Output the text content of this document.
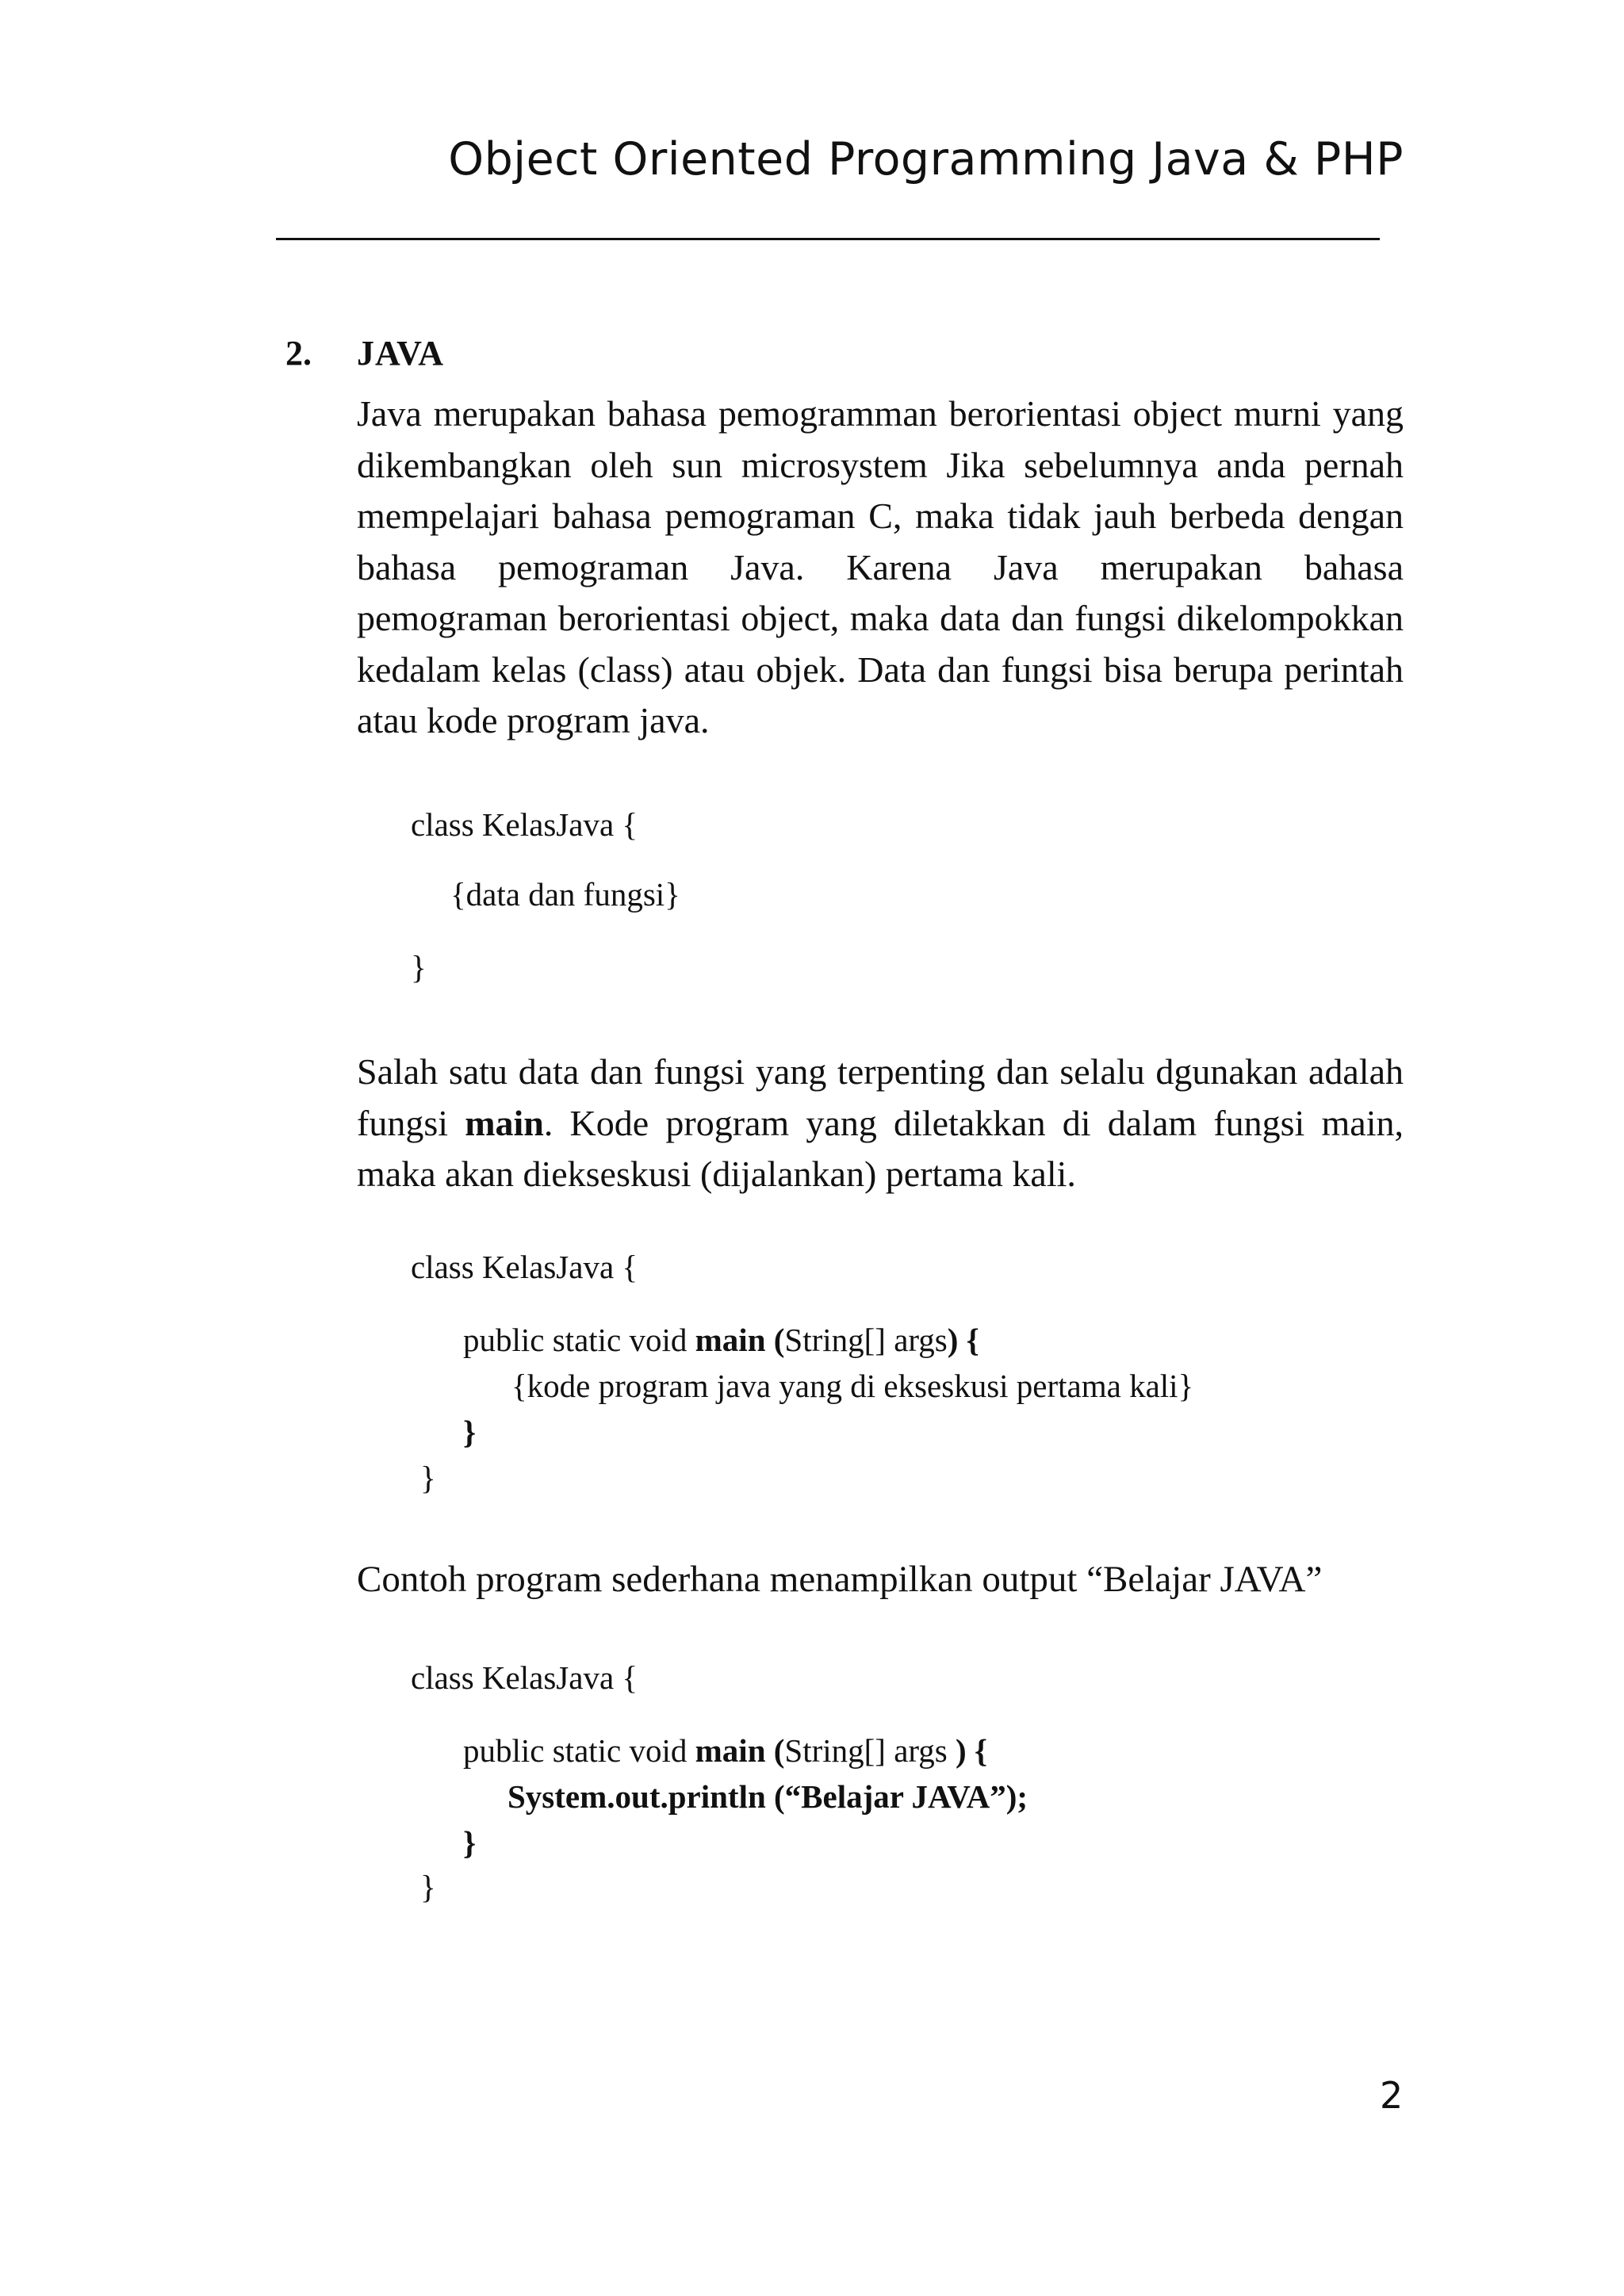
Object Oriented Programming Java & PHP
2. JAVA
Java merupakan bahasa pemogramman berorientasi object murni yang dikembangkan oleh sun microsystem Jika sebelumnya anda pernah mempelajari bahasa pemograman C, maka tidak jauh berbeda dengan bahasa pemograman Java. Karena Java merupakan bahasa pemograman berorientasi object, maka data dan fungsi dikelompokkan kedalam kelas (class) atau objek. Data dan fungsi bisa berupa perintah atau kode program java.
class KelasJava {
{data dan fungsi}
}
Salah satu data dan fungsi yang terpenting dan selalu dgunakan adalah fungsi main. Kode program yang diletakkan di dalam fungsi main, maka akan diekseskusi (dijalankan) pertama kali.
class KelasJava {
public static void main (String[] args) {
{kode program java yang di ekseskusi pertama kali}
}
}
Contoh program sederhana menampilkan output “Belajar JAVA”
class KelasJava {
public static void main (String[] args ) {
System.out.println (“Belajar JAVA”);
}
}
2
